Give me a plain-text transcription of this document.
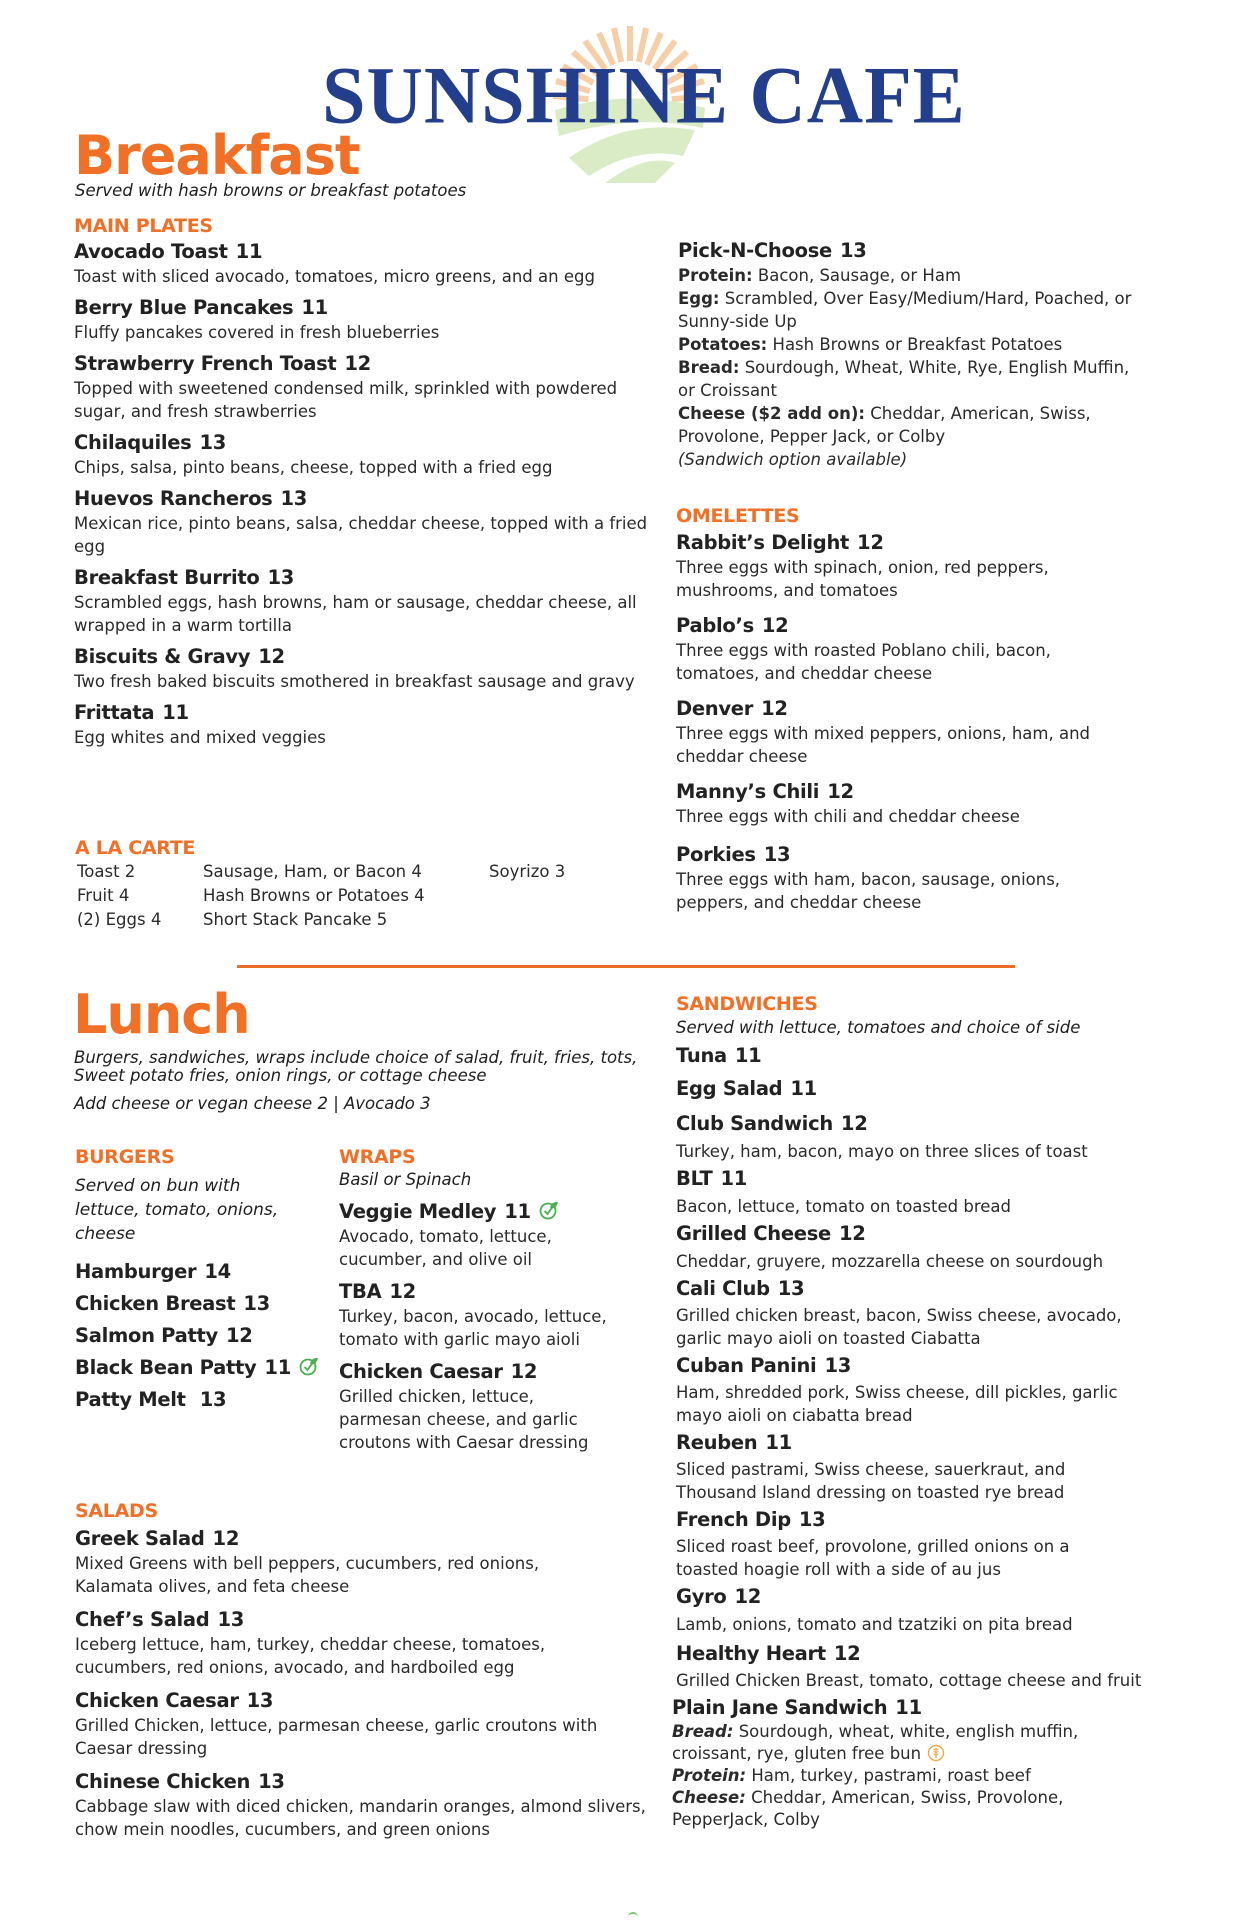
SUNSHINE CAFE
Breakfast
Served with hash browns or breakfast potatoes
MAIN PLATES
Avocado Toast 11
Toast with sliced avocado, tomatoes, micro greens, and an egg
Berry Blue Pancakes 11
Fluffy pancakes covered in fresh blueberries
Strawberry French Toast 12
Topped with sweetened condensed milk, sprinkled with powdered sugar, and fresh strawberries
Chilaquiles 13
Chips, salsa, pinto beans, cheese, topped with a fried egg
Huevos Rancheros 13
Mexican rice, pinto beans, salsa, cheddar cheese, topped with a fried egg
Breakfast Burrito 13
Scrambled eggs, hash browns, ham or sausage, cheddar cheese, all wrapped in a warm tortilla
Biscuits & Gravy 12
Two fresh baked biscuits smothered in breakfast sausage and gravy
Frittata 11
Egg whites and mixed veggies
A LA CARTE
Toast 2
Fruit 4
(2) Eggs 4
Sausage, Ham, or Bacon 4
Hash Browns or Potatoes 4
Short Stack Pancake 5
Soyrizo 3
Pick-N-Choose 13
Protein: Bacon, Sausage, or Ham
Egg: Scrambled, Over Easy/Medium/Hard, Poached, or Sunny-side Up
Potatoes: Hash Browns or Breakfast Potatoes
Bread: Sourdough, Wheat, White, Rye, English Muffin, or Croissant
Cheese ($2 add on): Cheddar, American, Swiss, Provolone, Pepper Jack, or Colby
(Sandwich option available)
OMELETTES
Rabbit’s Delight 12
Three eggs with spinach, onion, red peppers, mushrooms, and tomatoes
Pablo’s 12
Three eggs with roasted Poblano chili, bacon, tomatoes, and cheddar cheese
Denver 12
Three eggs with mixed peppers, onions, ham, and cheddar cheese
Manny’s Chili 12
Three eggs with chili and cheddar cheese
Porkies 13
Three eggs with ham, bacon, sausage, onions, peppers, and cheddar cheese
Lunch
Burgers, sandwiches, wraps include choice of salad, fruit, fries, tots, Sweet potato fries, onion rings, or cottage cheese
Add cheese or vegan cheese 2 | Avocado 3
BURGERS
Served on bun with lettuce, tomato, onions, cheese
Hamburger 14
Chicken Breast 13
Salmon Patty 12
Black Bean Patty 11
Patty Melt 13
WRAPS
Basil or Spinach
Veggie Medley 11
Avocado, tomato, lettuce, cucumber, and olive oil
TBA 12
Turkey, bacon, avocado, lettuce, tomato with garlic mayo aioli
Chicken Caesar 12
Grilled chicken, lettuce, parmesan cheese, and garlic croutons with Caesar dressing
SALADS
Greek Salad 12
Mixed Greens with bell peppers, cucumbers, red onions, Kalamata olives, and feta cheese
Chef’s Salad 13
Iceberg lettuce, ham, turkey, cheddar cheese, tomatoes, cucumbers, red onions, avocado, and hardboiled egg
Chicken Caesar 13
Grilled Chicken, lettuce, parmesan cheese, garlic croutons with Caesar dressing
Chinese Chicken 13
Cabbage slaw with diced chicken, mandarin oranges, almond slivers, chow mein noodles, cucumbers, and green onions
SANDWICHES
Served with lettuce, tomatoes and choice of side
Tuna 11
Egg Salad 11
Club Sandwich 12
Turkey, ham, bacon, mayo on three slices of toast
BLT 11
Bacon, lettuce, tomato on toasted bread
Grilled Cheese 12
Cheddar, gruyere, mozzarella cheese on sourdough
Cali Club 13
Grilled chicken breast, bacon, Swiss cheese, avocado, garlic mayo aioli on toasted Ciabatta
Cuban Panini 13
Ham, shredded pork, Swiss cheese, dill pickles, garlic mayo aioli on ciabatta bread
Reuben 11
Sliced pastrami, Swiss cheese, sauerkraut, and Thousand Island dressing on toasted rye bread
French Dip 13
Sliced roast beef, provolone, grilled onions on a toasted hoagie roll with a side of au jus
Gyro 12
Lamb, onions, tomato and tzatziki on pita bread
Healthy Heart 12
Grilled Chicken Breast, tomato, cottage cheese and fruit
Plain Jane Sandwich 11
Bread: Sourdough, wheat, white, english muffin, croissant, rye, gluten free bun
Protein: Ham, turkey, pastrami, roast beef
Cheese: Cheddar, American, Swiss, Provolone, PepperJack, Colby
